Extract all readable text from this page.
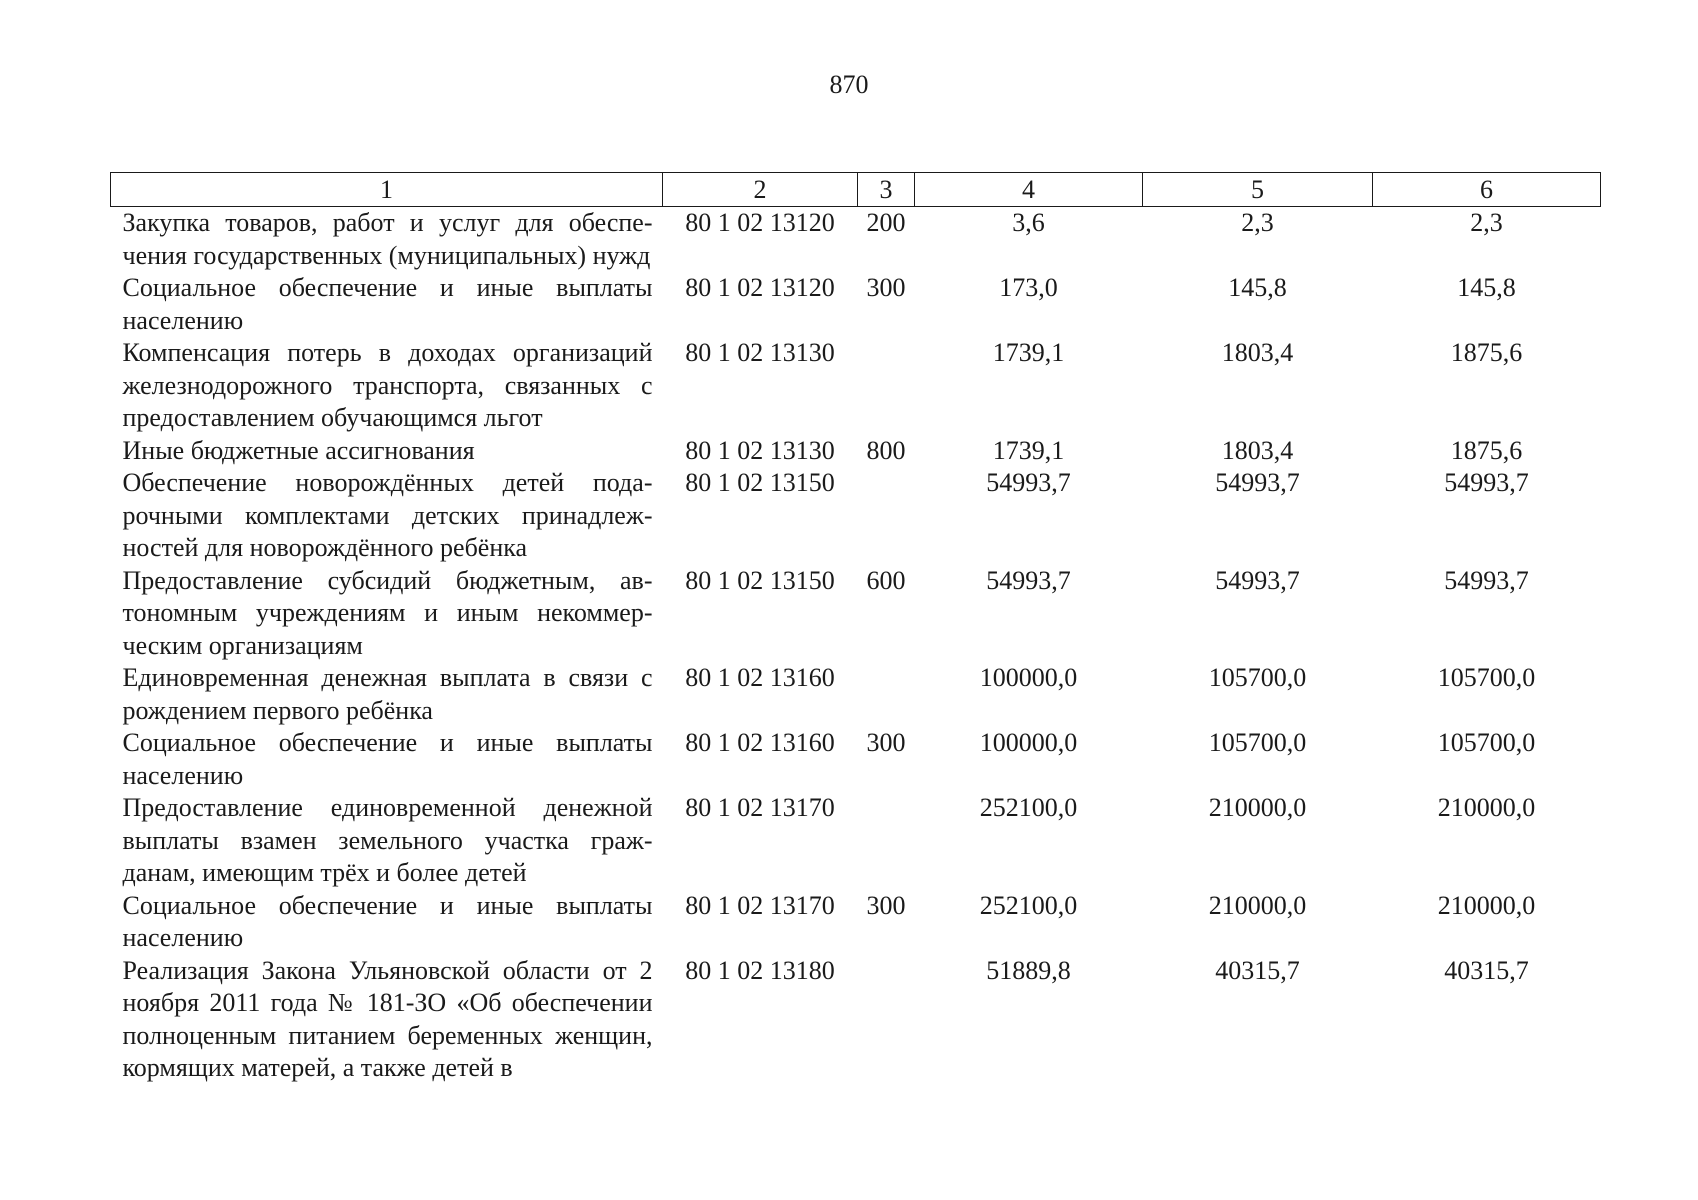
870
1	2	3	4	5	6
Закупка товаров, работ и услуг для обеспечения государственных (муниципальных) нужд	80 1 02 13120	200	3,6	2,3	2,3
Социальное обеспечение и иные выплаты населению	80 1 02 13120	300	173,0	145,8	145,8
Компенсация потерь в доходах организаций железнодорожного транспорта, связанных с предоставлением обучающимся льгот	80 1 02 13130		1739,1	1803,4	1875,6
Иные бюджетные ассигнования	80 1 02 13130	800	1739,1	1803,4	1875,6
Обеспечение новорождённых детей подарочными комплектами детских принадлежностей для новорождённого ребёнка	80 1 02 13150		54993,7	54993,7	54993,7
Предоставление субсидий бюджетным, автономным учреждениям и иным некоммерческим организациям	80 1 02 13150	600	54993,7	54993,7	54993,7
Единовременная денежная выплата в связи с рождением первого ребёнка	80 1 02 13160		100000,0	105700,0	105700,0
Социальное обеспечение и иные выплаты населению	80 1 02 13160	300	100000,0	105700,0	105700,0
Предоставление единовременной денежной выплаты взамен земельного участка гражданам, имеющим трёх и более детей	80 1 02 13170		252100,0	210000,0	210000,0
Социальное обеспечение и иные выплаты населению	80 1 02 13170	300	252100,0	210000,0	210000,0
Реализация Закона Ульяновской области от 2 ноября 2011 года № 181-ЗО «Об обеспечении полноценным питанием беременных женщин, кормящих матерей, а также детей в	80 1 02 13180		51889,8	40315,7	40315,7
